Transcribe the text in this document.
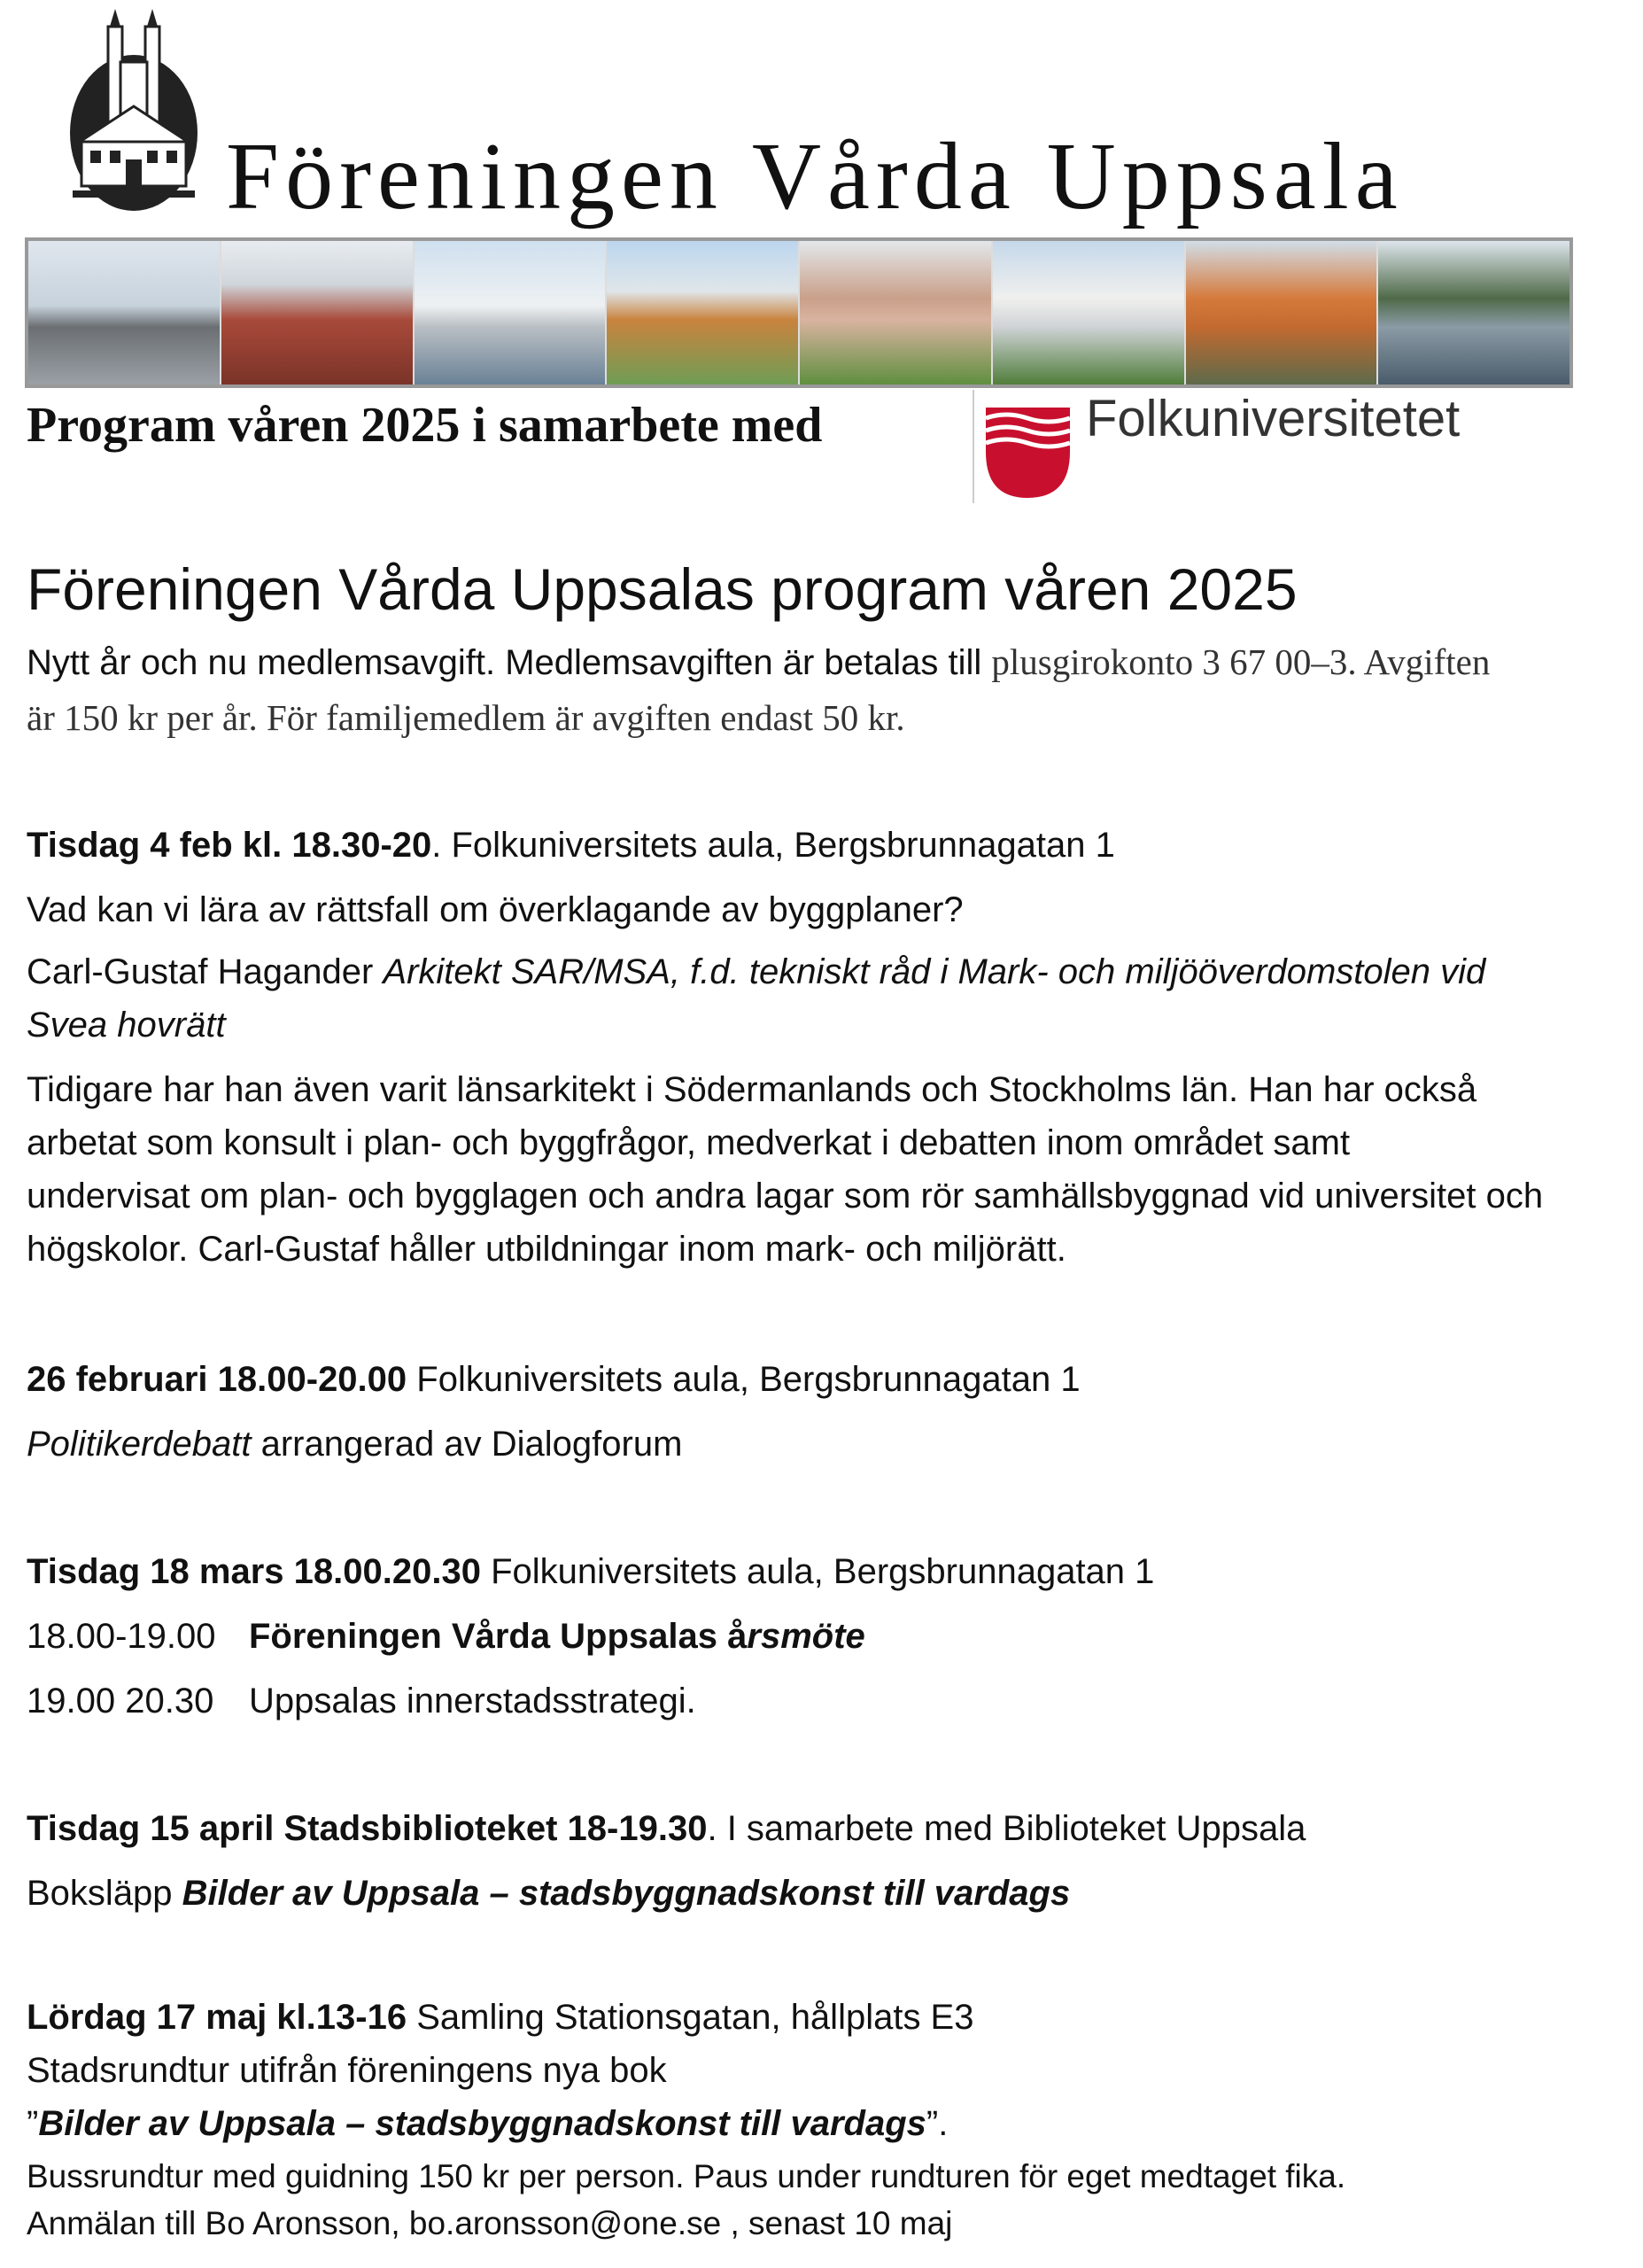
Föreningen Vårda Uppsala
Program våren 2025 i samarbete med	Folkuniversitetet
Föreningen Vårda Uppsalas program våren 2025
Nytt år och nu medlemsavgift. Medlemsavgiften är betalas till plusgirokonto 3 67 00–3. Avgiften
är 150 kr per år. För familjemedlem är avgiften endast 50 kr.
Tisdag 4 feb kl. 18.30-20. Folkuniversitets aula, Bergsbrunnagatan 1
Vad kan vi lära av rättsfall om överklagande av byggplaner?
Carl-Gustaf Hagander Arkitekt SAR/MSA, f.d. tekniskt råd i Mark- och miljööverdomstolen vid
Svea hovrätt
Tidigare har han även varit länsarkitekt i Södermanlands och Stockholms län. Han har också
arbetat som konsult i plan- och byggfrågor, medverkat i debatten inom området samt
undervisat om plan- och bygglagen och andra lagar som rör samhällsbyggnad vid universitet och
högskolor. Carl-Gustaf håller utbildningar inom mark- och miljörätt.
26 februari 18.00-20.00 Folkuniversitets aula, Bergsbrunnagatan 1
Politikerdebatt arrangerad av Dialogforum
Tisdag 18 mars 18.00.20.30 Folkuniversitets aula, Bergsbrunnagatan 1
18.00-19.00 Föreningen Vårda Uppsalas årsmöte
19.00 20.30 Uppsalas innerstadsstrategi.
Tisdag 15 april Stadsbiblioteket 18-19.30. I samarbete med Biblioteket Uppsala
Boksläpp Bilder av Uppsala – stadsbyggnadskonst till vardags
Lördag 17 maj kl.13-16 Samling Stationsgatan, hållplats E3
Stadsrundtur utifrån föreningens nya bok
”Bilder av Uppsala – stadsbyggnadskonst till vardags”.
Bussrundtur med guidning 150 kr per person. Paus under rundturen för eget medtaget fika.
Anmälan till Bo Aronsson, bo.aronsson@one.se , senast 10 maj
